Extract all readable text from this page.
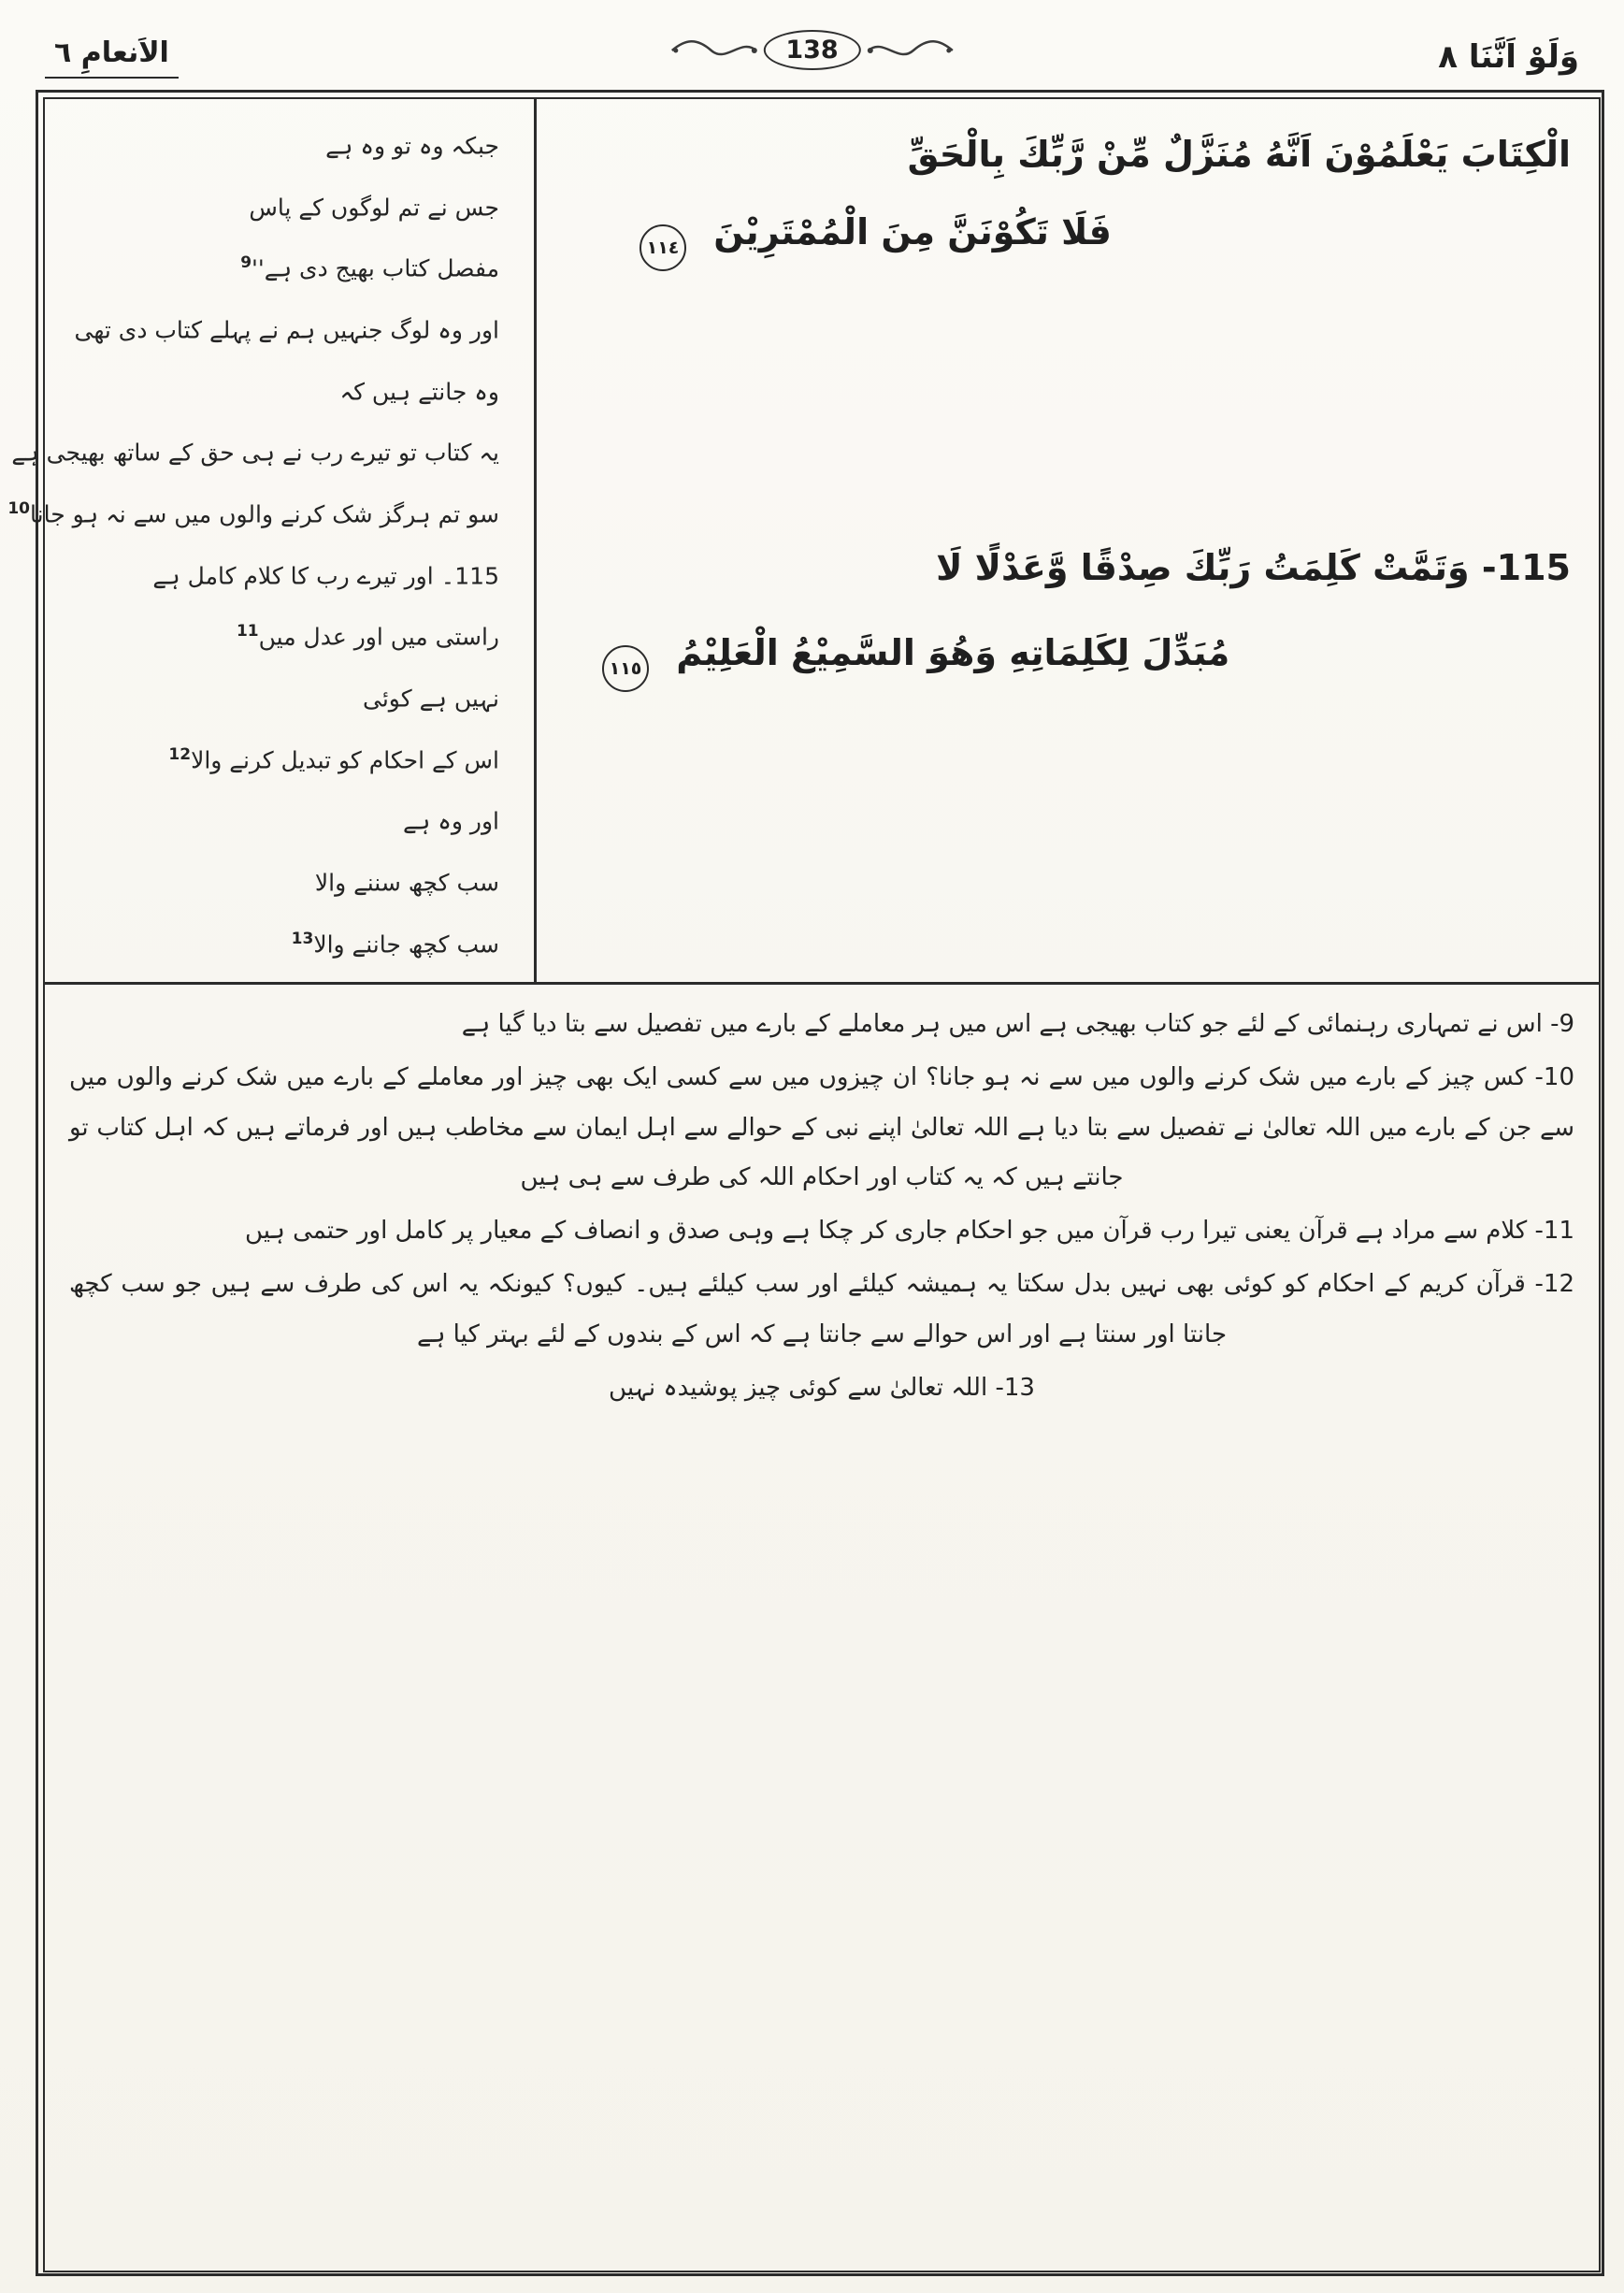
وَلَوْ اَنَّنَا ٨
138
الاَنعامِ ٦
الْكِتَابَ يَعْلَمُوْنَ اَنَّهُ مُنَزَّلٌ مِّنْ رَّبِّكَ بِالْحَقِّ
فَلَا تَكُوْنَنَّ مِنَ الْمُمْتَرِيْنَ ١١٤
115- وَتَمَّتْ كَلِمَتُ رَبِّكَ صِدْقًا وَّعَدْلًا لَا
مُبَدِّلَ لِكَلِمَاتِهِ وَهُوَ السَّمِيْعُ الْعَلِيْمُ ١١٥
جبکہ وہ تو وہ ہے
جس نے تم لوگوں کے پاس
مفصل کتاب بھیج دی $ہے''^9$
اور وہ لوگ جنہیں ہم نے پہلے کتاب دی تھی
وہ جانتے ہیں کہ
یہ کتاب تو تیرے رب نے ہی حق کے ساتھ بھیجی ہے
سو تم ہرگز شک کرنے والوں میں سے نہ ہو جانا$^{10}$
115۔ اور تیرے رب کا کلام کامل ہے
راستی میں اور عدل میں$^{11}$
نہیں ہے کوئی
اس کے احکام کو تبدیل کرنے والا$^{12}$
اور وہ ہے
سب کچھ سننے والا
سب کچھ جاننے والا$^{13}$

9- اس نے تمہاری رہنمائی کے لئے جو کتاب بھیجی ہے اس میں ہر معاملے کے بارے میں تفصیل سے بتا دیا گیا ہے

10- کس چیز کے بارے میں شک کرنے والوں میں سے نہ ہو جانا؟ ان چیزوں میں سے کسی ایک بھی چیز اور معاملے کے بارے میں شک کرنے والوں میں سے جن کے بارے میں اللہ تعالیٰ نے تفصیل سے بتا دیا ہے اللہ تعالیٰ اپنے نبی کے حوالے سے اہل ایمان سے مخاطب ہیں اور فرماتے ہیں کہ اہل کتاب تو جانتے ہیں کہ یہ کتاب اور احکام اللہ کی طرف سے ہی ہیں

11- کلام سے مراد ہے قرآن یعنی تیرا رب قرآن میں جو احکام جاری کر چکا ہے وہی صدق و انصاف کے معیار پر کامل اور حتمی ہیں

12- قرآن کریم کے احکام کو کوئی بھی نہیں بدل سکتا یہ ہمیشہ کیلئے اور سب کیلئے ہیں۔ کیوں؟ کیونکہ یہ اس کی طرف سے ہیں جو سب کچھ جانتا اور سنتا ہے اور اس حوالے سے جانتا ہے کہ اس کے بندوں کے لئے بہتر کیا ہے

13- اللہ تعالیٰ سے کوئی چیز پوشیدہ نہیں
